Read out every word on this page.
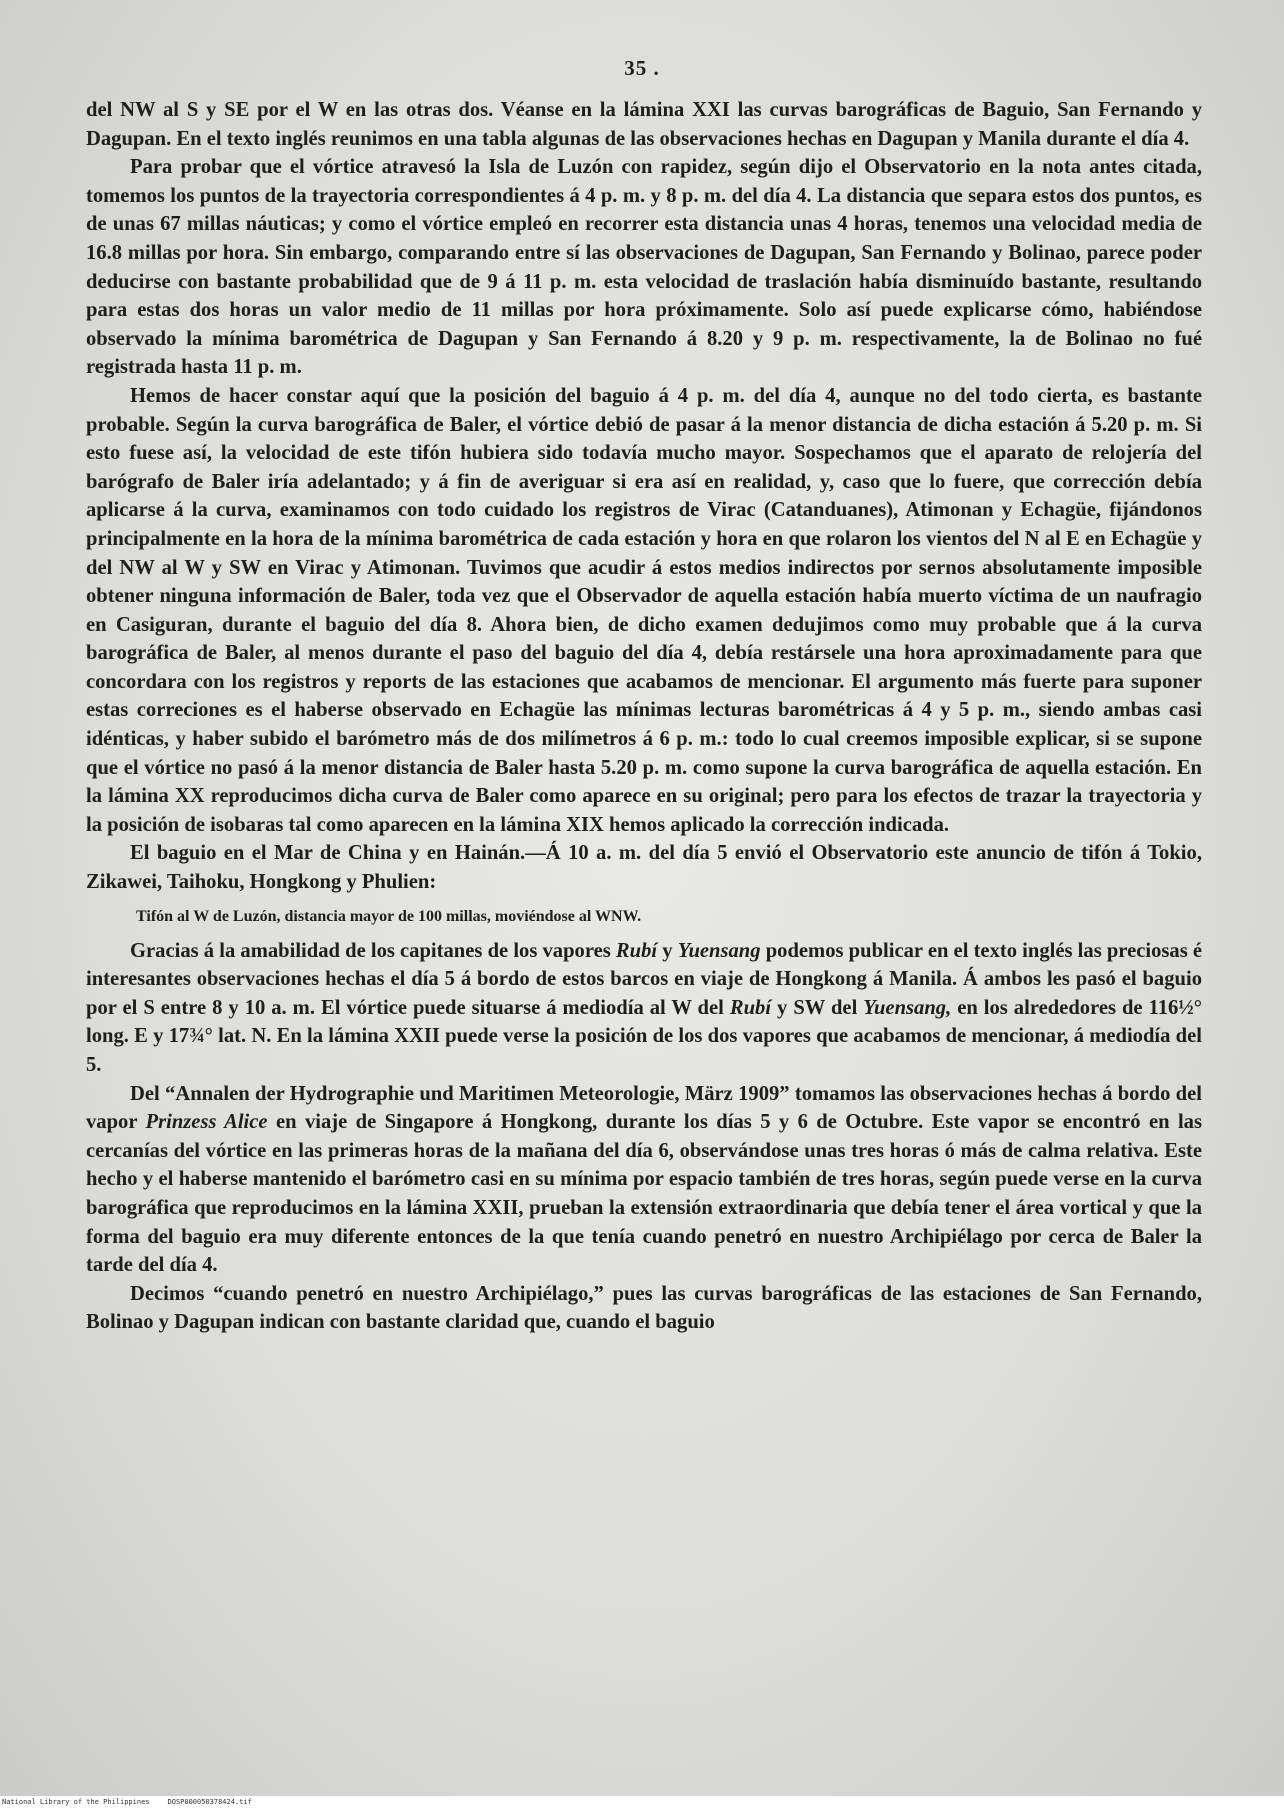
35 .

del NW al S y SE por el W en las otras dos. Véanse en la lámina XXI las curvas barográficas de Baguio, San Fernando y Dagupan. En el texto inglés reunimos en una tabla algunas de las observaciones hechas en Dagupan y Manila durante el día 4.

Para probar que el vórtice atravesó la Isla de Luzón con rapidez, según dijo el Observatorio en la nota antes citada, tomemos los puntos de la trayectoria correspondientes á 4 p. m. y 8 p. m. del día 4. La distancia que separa estos dos puntos, es de unas 67 millas náuticas; y como el vórtice empleó en recorrer esta distancia unas 4 horas, tenemos una velocidad media de 16.8 millas por hora. Sin embargo, comparando entre sí las observaciones de Dagupan, San Fernando y Bolinao, parece poder deducirse con bastante probabilidad que de 9 á 11 p. m. esta velocidad de traslación había disminuído bastante, resultando para estas dos horas un valor medio de 11 millas por hora próximamente. Solo así puede explicarse cómo, habiéndose observado la mínima barométrica de Dagupan y San Fernando á 8.20 y 9 p. m. respectivamente, la de Bolinao no fué registrada hasta 11 p. m.

Hemos de hacer constar aquí que la posición del baguio á 4 p. m. del día 4, aunque no del todo cierta, es bastante probable. Según la curva barográfica de Baler, el vórtice debió de pasar á la menor distancia de dicha estación á 5.20 p. m. Si esto fuese así, la velocidad de este tifón hubiera sido todavía mucho mayor. Sospechamos que el aparato de relojería del barógrafo de Baler iría adelantado; y á fin de averiguar si era así en realidad, y, caso que lo fuere, que corrección debía aplicarse á la curva, examinamos con todo cuidado los registros de Virac (Catanduanes), Atimonan y Echagüe, fijándonos principalmente en la hora de la mínima barométrica de cada estación y hora en que rolaron los vientos del N al E en Echagüe y del NW al W y SW en Virac y Atimonan. Tuvimos que acudir á estos medios indirectos por sernos absolutamente imposible obtener ninguna información de Baler, toda vez que el Observador de aquella estación había muerto víctima de un naufragio en Casiguran, durante el baguio del día 8. Ahora bien, de dicho examen dedujimos como muy probable que á la curva barográfica de Baler, al menos durante el paso del baguio del día 4, debía restársele una hora aproximadamente para que concordara con los registros y reports de las estaciones que acabamos de mencionar. El argumento más fuerte para suponer estas correciones es el haberse observado en Echagüe las mínimas lecturas barométricas á 4 y 5 p. m., siendo ambas casi idénticas, y haber subido el barómetro más de dos milímetros á 6 p. m.: todo lo cual creemos imposible explicar, si se supone que el vórtice no pasó á la menor distancia de Baler hasta 5.20 p. m. como supone la curva barográfica de aquella estación. En la lámina XX reproducimos dicha curva de Baler como aparece en su original; pero para los efectos de trazar la trayectoria y la posición de isobaras tal como aparecen en la lámina XIX hemos aplicado la corrección indicada.

El baguio en el Mar de China y en Hainán.—Á 10 a. m. del día 5 envió el Observatorio este anuncio de tifón á Tokio, Zikawei, Taihoku, Hongkong y Phulien:

Tifón al W de Luzón, distancia mayor de 100 millas, moviéndose al WNW.

Gracias á la amabilidad de los capitanes de los vapores Rubí y Yuensang podemos publicar en el texto inglés las preciosas é interesantes observaciones hechas el día 5 á bordo de estos barcos en viaje de Hongkong á Manila. Á ambos les pasó el baguio por el S entre 8 y 10 a. m. El vórtice puede situarse á mediodía al W del Rubí y SW del Yuensang, en los alrededores de 116½° long. E y 17¾° lat. N. En la lámina XXII puede verse la posición de los dos vapores que acabamos de mencionar, á mediodía del 5.

Del “Annalen der Hydrographie und Maritimen Meteorologie, März 1909” tomamos las observaciones hechas á bordo del vapor Prinzess Alice en viaje de Singapore á Hongkong, durante los días 5 y 6 de Octubre. Este vapor se encontró en las cercanías del vórtice en las primeras horas de la mañana del día 6, observándose unas tres horas ó más de calma relativa. Este hecho y el haberse mantenido el barómetro casi en su mínima por espacio también de tres horas, según puede verse en la curva barográfica que reproducimos en la lámina XXII, prueban la extensión extraordinaria que debía tener el área vortical y que la forma del baguio era muy diferente entonces de la que tenía cuando penetró en nuestro Archipiélago por cerca de Baler la tarde del día 4.

Decimos “cuando penetró en nuestro Archipiélago,” pues las curvas barográficas de las estaciones de San Fernando, Bolinao y Dagupan indican con bastante claridad que, cuando el baguio

National Library of the Philippines	DOSP000050378424.tif
